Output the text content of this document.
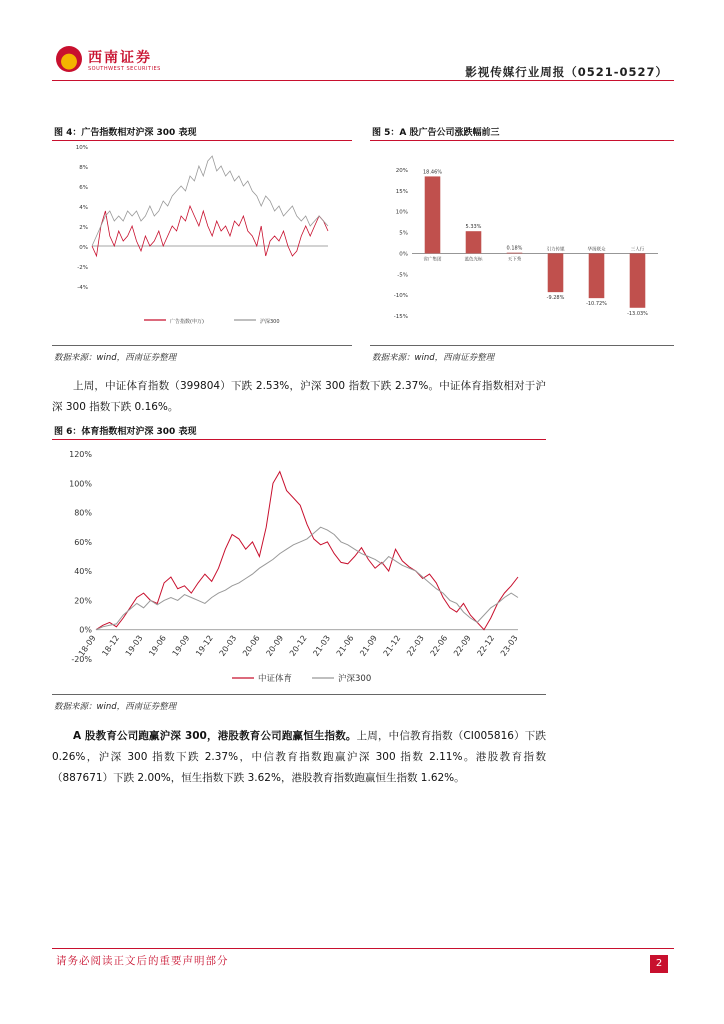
西南证券
SOUTHWEST SECURITIES	影视传媒行业周报（0521-0527）
图 4：广告指数相对沪深 300 表现
10%
8%
6%
4%
2%
0%
-2%
-4%
广告指数(申万)	沪深300
数据来源：wind，西南证券整理
图 5：A 股广告公司涨跌幅前三
20%
15%
10%
5%
0%
-5%
-10%
-15%
18.46%
省广集团
5.33%
蓝色光标
0.18%
天下秀
-9.28%
引力传媒
-10.72%
华扬联众
-13.03%
三人行
数据来源：wind，西南证券整理
上周，中证体育指数（399804）下跌 2.53%，沪深 300 指数下跌 2.37%。中证体育指数相对于沪深 300 指数下跌 0.16%。
图 6：体育指数相对沪深 300 表现
120%
100%
80%
60%
40%
20%
0%
-20%
18-09 18-12 19-03 19-06 19-09 19-12 20-03 20-06 20-09 20-12 21-03 21-06 21-09 21-12 22-03 22-06 22-09 22-12 23-03
中证体育	沪深300
数据来源：wind，西南证券整理
A 股教育公司跑赢沪深 300，港股教育公司跑赢恒生指数。上周，中信教育指数（CI005816）下跌 0.26%，沪深 300 指数下跌 2.37%，中信教育指数跑赢沪深 300 指数 2.11%。港股教育指数（887671）下跌 2.00%，恒生指数下跌 3.62%，港股教育指数跑赢恒生指数 1.62%。
请务必阅读正文后的重要声明部分	2
